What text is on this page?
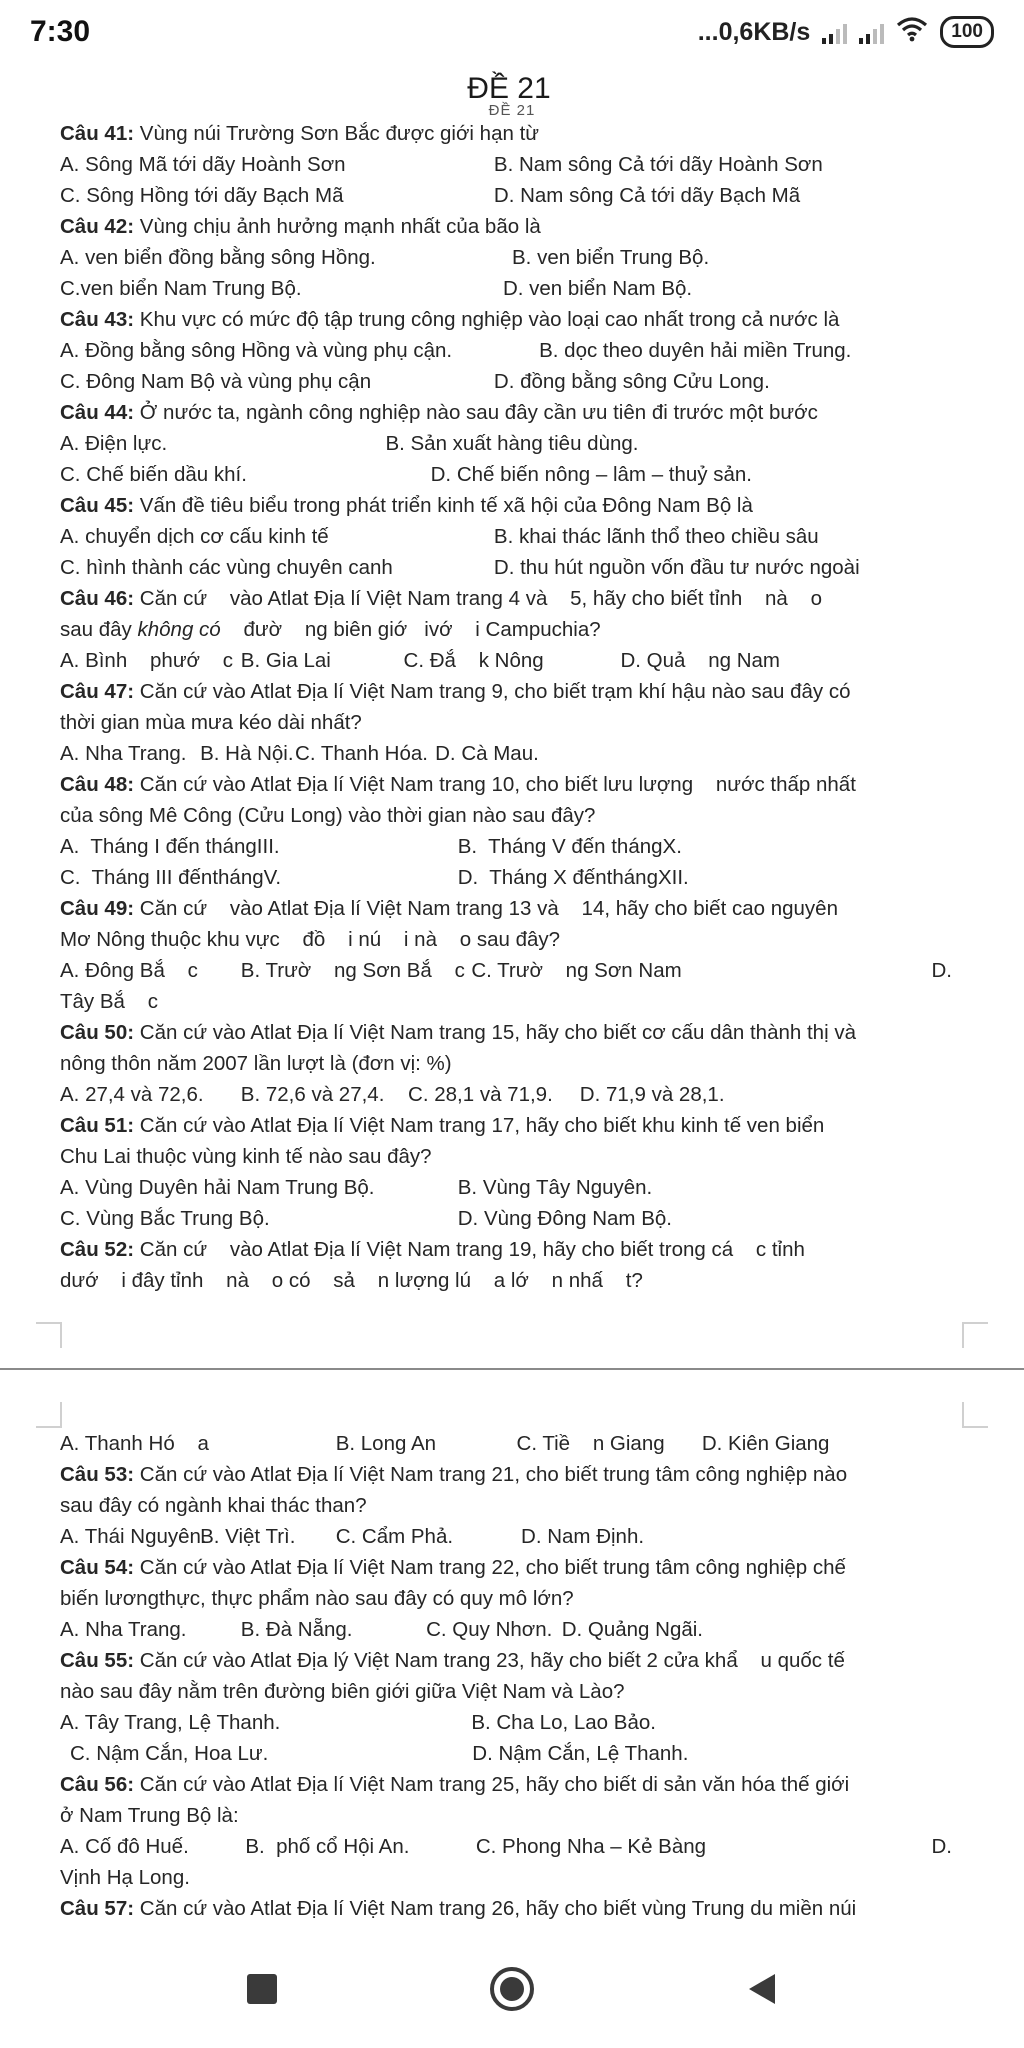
7:30	...0,6KB/s	100
ĐỀ 21
ĐỀ 21
Câu 41: Vùng núi Trường Sơn Bắc được giới hạn từ
A. Sông Mã tới dãy Hoành Sơn	B. Nam sông Cả tới dãy Hoành Sơn
C. Sông Hồng tới dãy Bạch Mã	D. Nam sông Cả tới dãy Bạch Mã
Câu 42: Vùng chịu ảnh hưởng mạnh nhất của bão là
A. ven biển đồng bằng sông Hồng.	B. ven biển Trung Bộ.
C.ven biển Nam Trung Bộ.	D. ven biển Nam Bộ.
Câu 43: Khu vực có mức độ tập trung công nghiệp vào loại cao nhất trong cả nước là
A. Đồng bằng sông Hồng và vùng phụ cận.	B. dọc theo duyên hải miền Trung.
C. Đông Nam Bộ và vùng phụ cận	D. đồng bằng sông Cửu Long.
Câu 44: Ở nước ta, ngành công nghiệp nào sau đây cần ưu tiên đi trước một bước
A. Điện lực.	B. Sản xuất hàng tiêu dùng.
C. Chế biến dầu khí.	D. Chế biến nông – lâm – thuỷ sản.
Câu 45: Vấn đề tiêu biểu trong phát triển kinh tế xã hội của Đông Nam Bộ là
A. chuyển dịch cơ cấu kinh tế	B. khai thác lãnh thổ theo chiều sâu
C. hình thành các vùng chuyên canh	D. thu hút nguồn vốn đầu tư nước ngoài
Câu 46: Căn cứ    vào Atlat Địa lí Việt Nam trang 4 và    5, hãy cho biết tỉnh    nà    o
sau đây không có    đườ    ng biên giớ   ivớ    i Campuchia?
A. Bình    phướ    c B. Gia Lai	C. Đắ    k Nông	D. Quả    ng Nam
Câu 47: Căn cứ vào Atlat Địa lí Việt Nam trang 9, cho biết trạm khí hậu nào sau đây có
thời gian mùa mưa kéo dài nhất?
A. Nha Trang. B. Hà Nội. C. Thanh Hóa. D. Cà Mau.
Câu 48: Căn cứ vào Atlat Địa lí Việt Nam trang 10, cho biết lưu lượng    nước thấp nhất
của sông Mê Công (Cửu Long) vào thời gian nào sau đây?
A.  Tháng I đến thángIII.	B.  Tháng V đến thángX.
C.  Tháng III đếnthángV.	D.  Tháng X đếnthángXII.
Câu 49: Căn cứ    vào Atlat Địa lí Việt Nam trang 13 và    14, hãy cho biết cao nguyên
Mơ Nông thuộc khu vực    đồ    i nú    i nà    o sau đây?
A. Đông Bắ    c	B. Trườ    ng Sơn Bắ    c C. Trườ    ng Sơn Nam	D.
Tây Bắ    c
Câu 50: Căn cứ vào Atlat Địa lí Việt Nam trang 15, hãy cho biết cơ cấu dân thành thị và
nông thôn năm 2007 lần lượt là (đơn vị: %)
A. 27,4 và 72,6.	B. 72,6 và 27,4.	C. 28,1 và 71,9.	D. 71,9 và 28,1.
Câu 51: Căn cứ vào Atlat Địa lí Việt Nam trang 17, hãy cho biết khu kinh tế ven biển
Chu Lai thuộc vùng kinh tế nào sau đây?
A. Vùng Duyên hải Nam Trung Bộ.	B. Vùng Tây Nguyên.
C. Vùng Bắc Trung Bộ.	D. Vùng Đông Nam Bộ.
Câu 52: Căn cứ    vào Atlat Địa lí Việt Nam trang 19, hãy cho biết trong cá    c tỉnh
dướ    i đây tỉnh    nà    o có    sả    n lượng lú    a lớ    n nhấ    t?
A. Thanh Hó    a	B. Long An	C. Tiề    n Giang	D. Kiên Giang
Câu 53: Căn cứ vào Atlat Địa lí Việt Nam trang 21, cho biết trung tâm công nghiệp nào
sau đây có ngành khai thác than?
A. Thái Nguyên.
B. Việt Trì.	C. Cẩm Phả.	D. Nam Định.
Câu 54: Căn cứ vào Atlat Địa lí Việt Nam trang 22, cho biết trung tâm công nghiệp chế
biến lươngthực, thực phẩm nào sau đây có quy mô lớn?
A. Nha Trang.	B. Đà Nẵng.	C. Quy Nhơn. D. Quảng Ngãi.
Câu 55: Căn cứ vào Atlat Địa lý Việt Nam trang 23, hãy cho biết 2 cửa khẩ    u quốc tế
nào sau đây nằm trên đường biên giới giữa Việt Nam và Lào?
A. Tây Trang, Lệ Thanh.	B. Cha Lo, Lao Bảo.
C. Nậm Cắn, Hoa Lư.	D. Nậm Cắn, Lệ Thanh.
Câu 56: Căn cứ vào Atlat Địa lí Việt Nam trang 25, hãy cho biết di sản văn hóa thế giới
ở Nam Trung Bộ là:
A. Cố đô Huế.	B.  phố cổ Hội An.	C. Phong Nha – Kẻ Bàng	D.
Vịnh Hạ Long.
Câu 57: Căn cứ vào Atlat Địa lí Việt Nam trang 26, hãy cho biết vùng Trung du miền núi
